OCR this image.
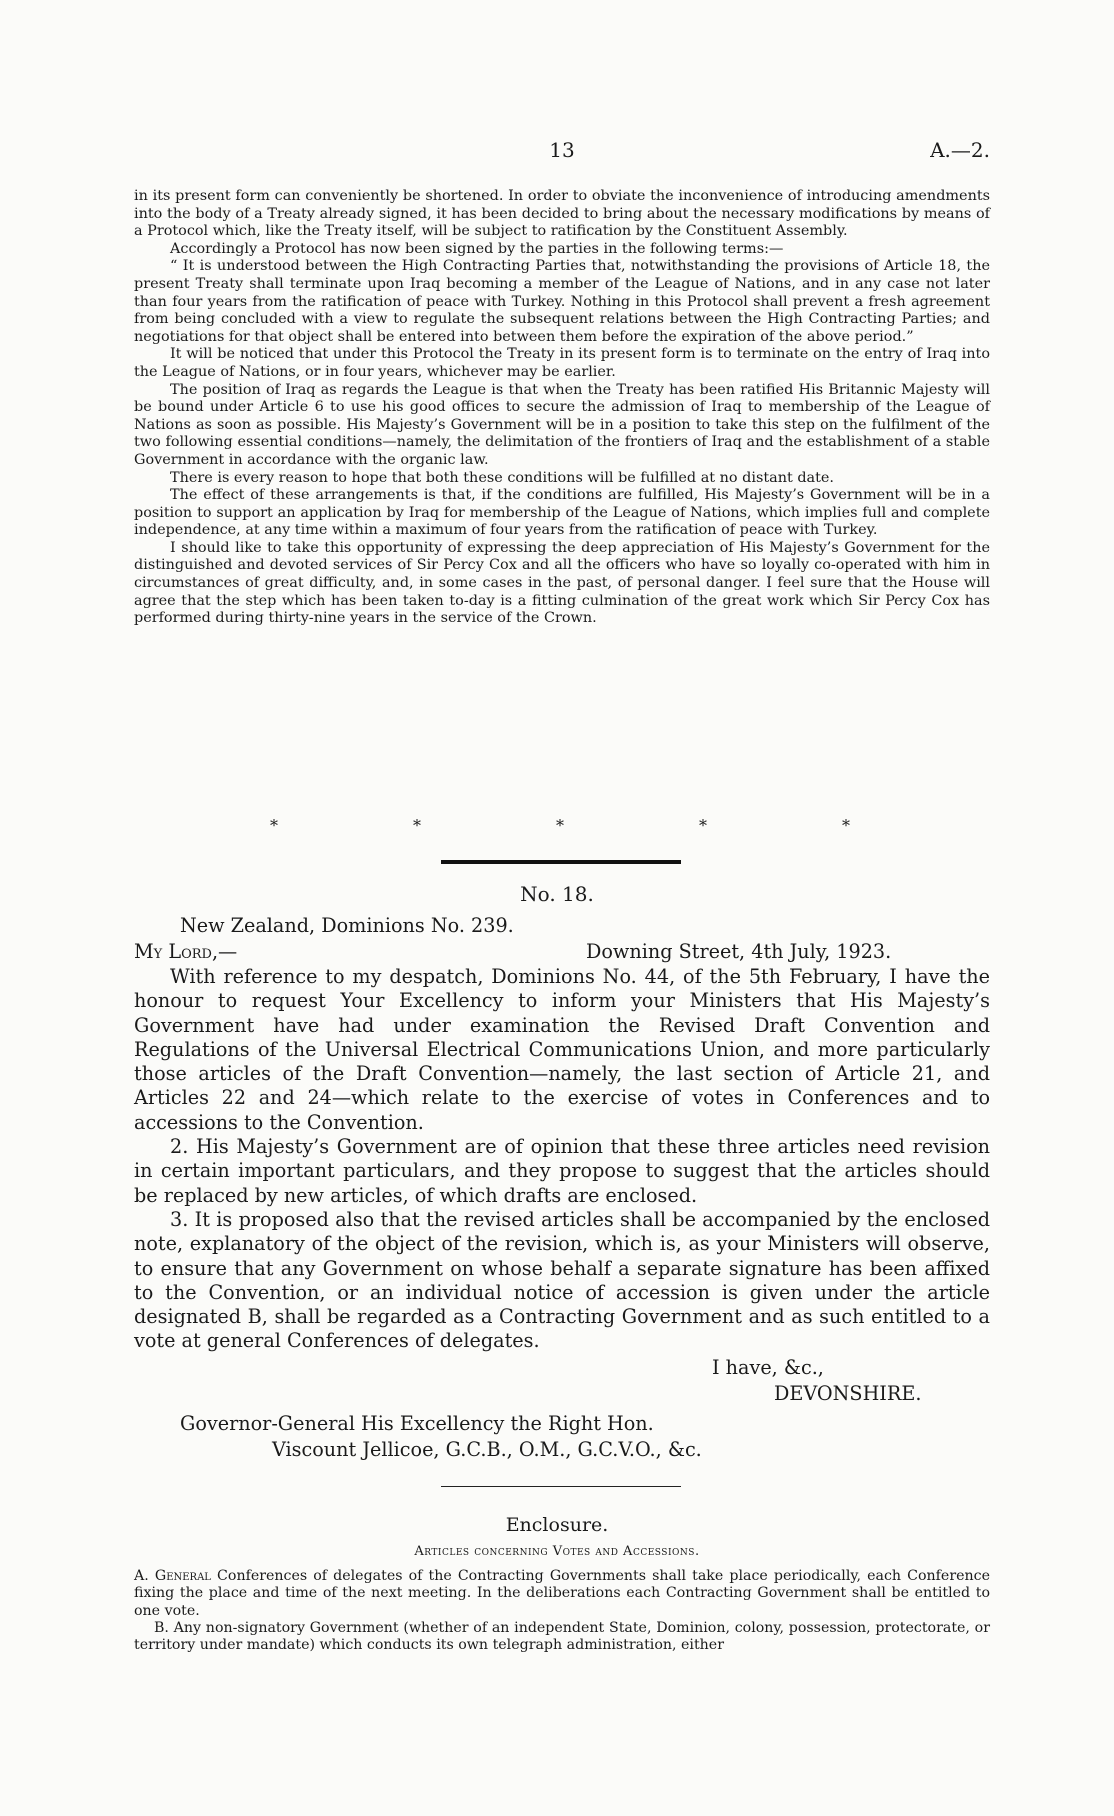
13	A.—2.

in its present form can conveniently be shortened. In order to obviate the inconvenience of introducing amendments into the body of a Treaty already signed, it has been decided to bring about the necessary modifications by means of a Protocol which, like the Treaty itself, will be subject to ratification by the Constituent Assembly.

Accordingly a Protocol has now been signed by the parties in the following terms:—

“ It is understood between the High Contracting Parties that, notwithstanding the provisions of Article 18, the present Treaty shall terminate upon Iraq becoming a member of the League of Nations, and in any case not later than four years from the ratification of peace with Turkey. Nothing in this Protocol shall prevent a fresh agreement from being concluded with a view to regulate the subsequent relations between the High Contracting Parties; and negotiations for that object shall be entered into between them before the expiration of the above period.”

It will be noticed that under this Protocol the Treaty in its present form is to terminate on the entry of Iraq into the League of Nations, or in four years, whichever may be earlier.

The position of Iraq as regards the League is that when the Treaty has been ratified His Britannic Majesty will be bound under Article 6 to use his good offices to secure the admission of Iraq to membership of the League of Nations as soon as possible. His Majesty’s Government will be in a position to take this step on the fulfilment of the two following essential conditions—namely, the delimitation of the frontiers of Iraq and the establishment of a stable Government in accordance with the organic law.

There is every reason to hope that both these conditions will be fulfilled at no distant date.

The effect of these arrangements is that, if the conditions are fulfilled, His Majesty’s Government will be in a position to support an application by Iraq for membership of the League of Nations, which implies full and complete independence, at any time within a maximum of four years from the ratification of peace with Turkey.

I should like to take this opportunity of expressing the deep appreciation of His Majesty’s Government for the distinguished and devoted services of Sir Percy Cox and all the officers who have so loyally co-operated with him in circumstances of great difficulty, and, in some cases in the past, of personal danger. I feel sure that the House will agree that the step which has been taken to-day is a fitting culmination of the great work which Sir Percy Cox has performed during thirty-nine years in the service of the Crown.

*	*	*	*	*
No. 18.
New Zealand, Dominions No. 239.
My Lord,—	Downing Street, 4th July, 1923.

With reference to my despatch, Dominions No. 44, of the 5th February, I have the honour to request Your Excellency to inform your Ministers that His Majesty’s Government have had under examination the Revised Draft Convention and Regulations of the Universal Electrical Communications Union, and more particularly those articles of the Draft Convention—namely, the last section of Article 21, and Articles 22 and 24—which relate to the exercise of votes in Conferences and to accessions to the Convention.

2. His Majesty’s Government are of opinion that these three articles need revision in certain important particulars, and they propose to suggest that the articles should be replaced by new articles, of which drafts are enclosed.

3. It is proposed also that the revised articles shall be accompanied by the enclosed note, explanatory of the object of the revision, which is, as your Ministers will observe, to ensure that any Government on whose behalf a separate signature has been affixed to the Convention, or an individual notice of accession is given under the article designated B, shall be regarded as a Contracting Government and as such entitled to a vote at general Conferences of delegates.

I have, &c.,
DEVONSHIRE.
Governor-General His Excellency the Right Hon.
Viscount Jellicoe, G.C.B., O.M., G.C.V.O., &c.
Enclosure.
Articles concerning Votes and Accessions.

A. General Conferences of delegates of the Contracting Governments shall take place periodically, each Conference fixing the place and time of the next meeting. In the deliberations each Contracting Government shall be entitled to one vote.

B. Any non-signatory Government (whether of an independent State, Dominion, colony, possession, protectorate, or territory under mandate) which conducts its own telegraph administration, either
